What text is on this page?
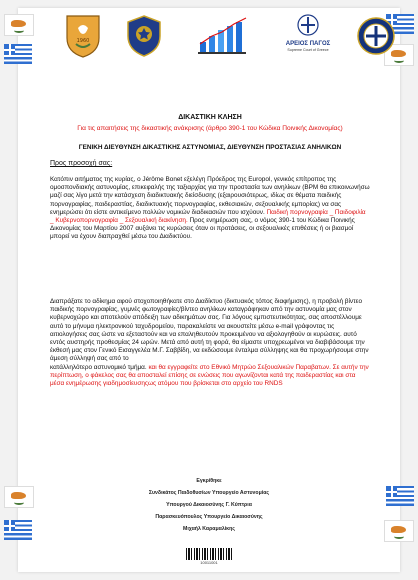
1960	ΑΡΕΙΟΣ ΠΑΓΟΣ
Supreme Court of Greece
ΔΙΚΑΣΤΙΚΗ ΚΛΗΣΗ
Για τις απαιτήσεις της δικαστικής ανάκρισης (άρθρο 390-1 του Κώδικα Ποινικής Δικονομίας)
ΓΕΝΙΚΗ ΔΙΕΥΘΥΝΣΗ ΔΙΚΑΣΤΙΚΗΣ ΑΣΤΥΝΟΜΙΑΣ, ΔΙΕΥΘΥΝΣΗ ΠΡΟΣΤΑΣΙΑΣ ΑΝΗΛΙΚΩΝ
Προς προσοχή σας:
Κατόπιν αιτήματος της κυρίας, ο Jérôme Bonet εξελέγη Πρόεδρος της Europol, γενικός επίτροπος της ομοσπονδιακής αστυνομίας, επικεφαλής της ταξιαρχίας για την προστασία των ανηλίκων (BPM θα επικοινωνήσω μαζί σας λίγο μετά την κατάσχεση διαδικτυακής διείσδυσης (εξαιρουσιότερως, ιδίως σε θέματα παιδικής πορνογραφίας, παιδεραστίας, διαδικτυακής πορνογραφίας, εκθεσιακών, σεξουαλικής εμπορίας) να σας ενημερώσει ότι είστε αντικείμενο πολλών νομικών διαδικασιών που ισχύουν. Παιδική πορνογραφία _ Παιδοφιλία _ Κυβερνοπορνογραφία _ Σεξουαλική διακίνηση. Προς ενημέρωση σας, ο νόμος 390-1 του Κώδικα Ποινικής Δικονομίας του Μαρτίου 2007 αυξάνει τις κυρώσεις όταν οι προτάσεις, οι σεξουαλικές επιθέσεις ή οι βιασμοί μπορεί να έχουν διαπραχθεί μέσω του Διαδικτύου.
Διαπράξατε το αδίκημα αφού στοχοποιηθήκατε στο Διαδίκτυο (δικτυακός τόπος διαφήμισης), η προβολή βίντεο παιδικής πορνογραφίας, γυμνές φωτογραφίες/βίντεο ανηλίκων καταγράφηκαν από την αστυνομία μας στον κυβερνοχώρο και αποτελούν απόδειξη των αδικημάτων σας. Για λόγους εμπιστευτικότητας, σας αποστέλλουμε αυτό το μήνυμα ηλεκτρονικού ταχυδρομείου, παρακαλείστε να ακουστείτε μέσω e-mail γράφοντας τις αιτιολογήσεις σας ώστε να εξεταστούν και να επαληθευτούν προκειμένου να αξιολογηθούν οι κυρώσεις. αυτό εντός αυστηρής προθεσμίας 24 ωρών. Μετά από αυτή τη φορά, θα είμαστε υποχρεωμένοι να διαβιβάσουμε την έκθεσή μας στον Γενικό Εισαγγελέα Μ.Γ. Σαββίδη, να εκδώσουμε ένταλμα σύλληψης και θα προχωρήσουμε στην άμεση σύλληψή σας από το
κατάλληλότερο αστυνομικό τμήμα. και θα εγγραφείτε στο Εθνικό Μητρώο Σεξουαλικών Παραβατων. Σε αυτήν την περίπτωση, ο φάκελος σας θα αποσταλεί επίσης σε ενώσεις που αγωνίζονται κατά της παιδεραστίας και στα μέσα ενημέρωσης γιαδημοσίευσηςως ατόμου που βρίσκεται στο αρχείο του RNDS
Εγκρίθηκε
Συνδικάτος Παιδοθυσίων Υπουργείο Αστυνομίας
Υπουργού Δικαιοσύνης Γ. Κύπτρια
Παρασκευόπουλος Υπουργείο Δικαιοσύνης
Μιχαήλ Καραμαλίκης
10011001
